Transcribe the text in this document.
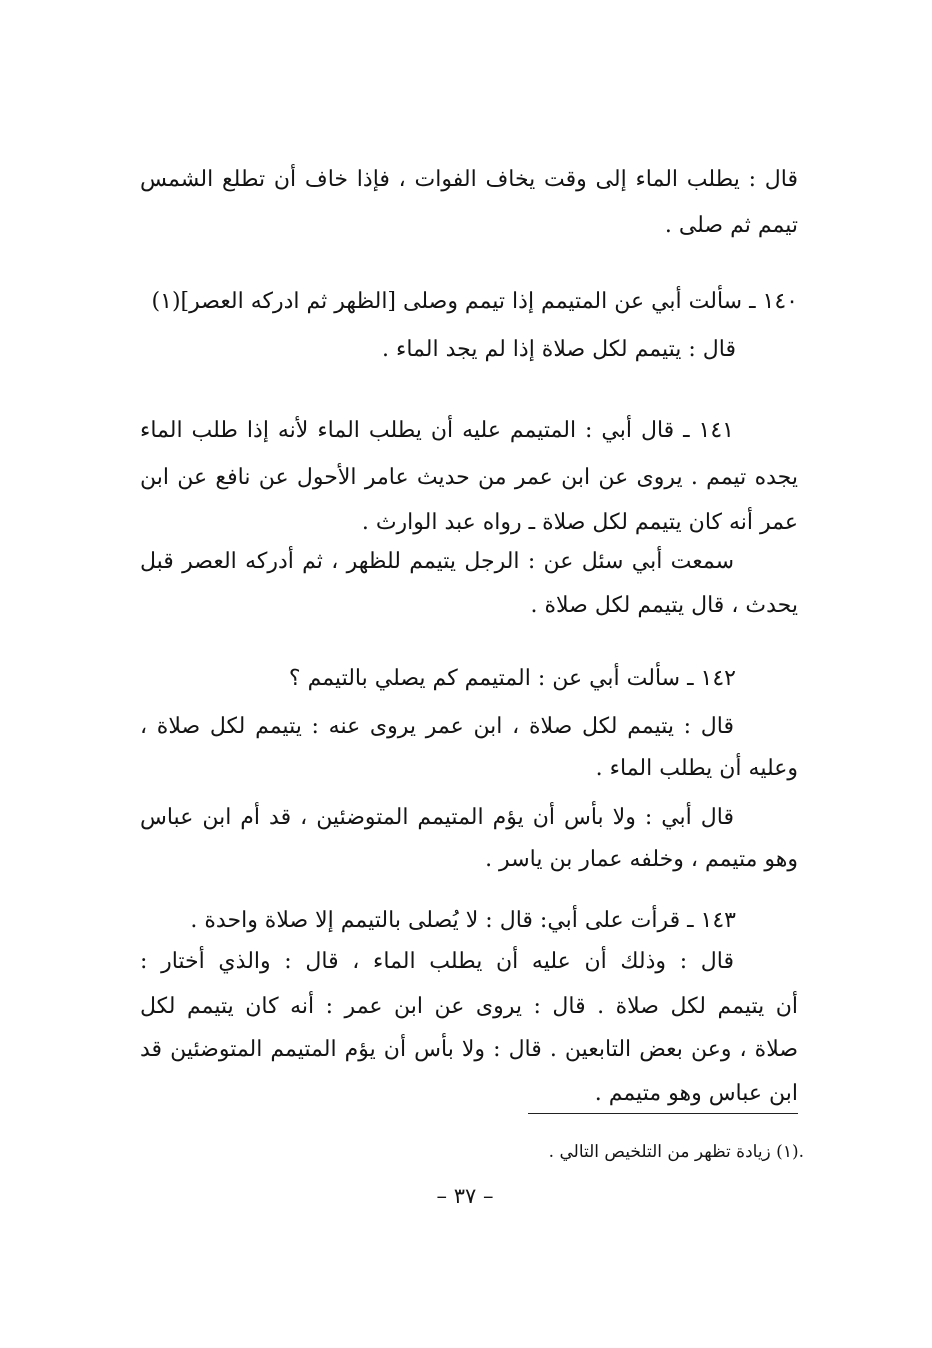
قال : يطلب الماء إلى وقت يخاف الفوات ، فإذا خاف أن تطلع الشمس

تيمم ثم صلى .

١٤٠ ـ سألت أبي عن المتيمم إذا تيمم وصلى [الظهر ثم ادركه العصر](١)

قال : يتيمم لكل صلاة إذا لم يجد الماء .

١٤١ ـ قال أبي : المتيمم عليه أن يطلب الماء لأنه إذا طلب الماء

يجده تيمم . يروى عن ابن عمر من حديث عامر الأحول عن نافع عن ابن

عمر أنه كان يتيمم لكل صلاة ـ رواه عبد الوارث .

سمعت أبي سئل عن : الرجل يتيمم للظهر ، ثم أدركه العصر قبل

يحدث ، قال يتيمم لكل صلاة .

١٤٢ ـ سألت أبي عن : المتيمم كم يصلي بالتيمم ؟

قال : يتيمم لكل صلاة ، ابن عمر يروى عنه : يتيمم لكل صلاة ،

وعليه أن يطلب الماء .

قال أبي : ولا بأس أن يؤم المتيمم المتوضئين ، قد أم ابن عباس

وهو متيمم ، وخلفه عمار بن ياسر .

١٤٣ ـ قرأت على أبي: قال : لا يُصلى بالتيمم إلا صلاة واحدة .

قال : وذلك أن عليه أن يطلب الماء ، قال : والذي أختار :

أن يتيمم لكل صلاة . قال : يروى عن ابن عمر : أنه كان يتيمم لكل

صلاة ، وعن بعض التابعين . قال : ولا بأس أن يؤم المتيمم المتوضئين قد

ابن عباس وهو متيمم .

.(١) زيادة تظهر من التلخيص التالي .

– ٣٧ –
